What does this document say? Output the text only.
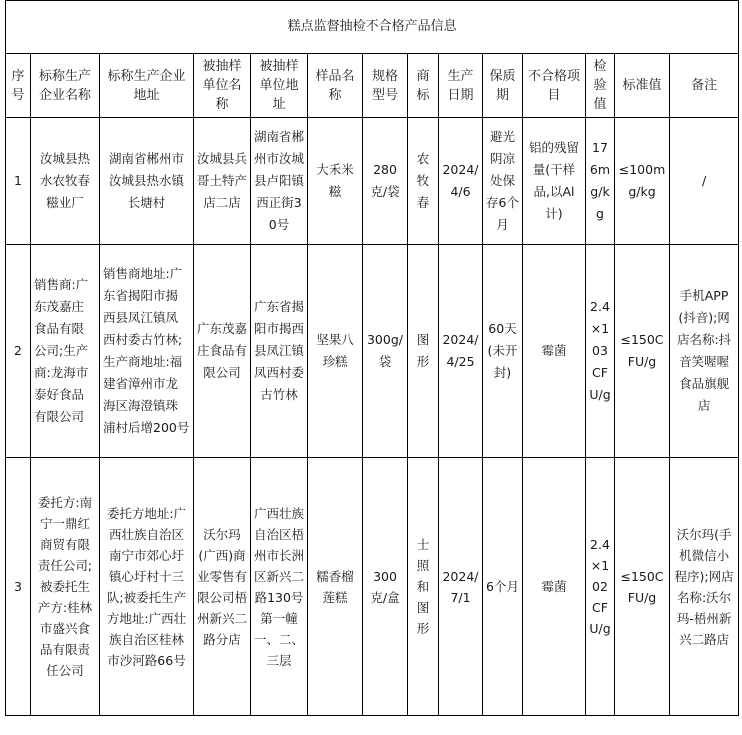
糕点监督抽检不合格产品信息													
序号	标称生产企业名称	标称生产企业地址	被抽样单位名称	被抽样单位地址	样品名称	规格型号	商标	生产日期	保质期	不合格项目	检验值	标准值	备注
1	汝城县热水农牧春糍业厂	湖南省郴州市汝城县热水镇长塘村	汝城县兵哥土特产店二店	湖南省郴州市汝城县卢阳镇西正街30号	大禾米糍	280克/袋	农牧春	2024/4/6	避光阴凉处保存6个月	铝的残留量(干样品,以Al计)	176mg/kg	≤100mg/kg	/
2	销售商:广东茂嘉庄食品有限公司;生产商:龙海市泰好食品有限公司	销售商地址:广东省揭阳市揭西县凤江镇凤西村委古竹林;生产商地址:福建省漳州市龙海区海澄镇珠浦村后增200号	广东茂嘉庄食品有限公司	广东省揭阳市揭西县凤江镇凤西村委古竹林	坚果八珍糕	300g/袋	图形	2024/4/25	60天(未开封)	霉菌	2.4×103CFU/g	≤150CFU/g	手机APP(抖音);网店名称:抖音笑喔喔食品旗舰店
3	委托方:南宁一鼎红商贸有限责任公司;被委托生产方:桂林市盛兴食品有限责任公司	委托方地址:广西壮族自治区南宁市郊心圩镇心圩村十三队;被委托生产方地址:广西壮族自治区桂林市沙河路66号	沃尔玛(广西)商业零售有限公司梧州新兴二路分店	广西壮族自治区梧州市长洲区新兴二路130号第一幢一、二、三层	糯香榴莲糕	300克/盒	士照和图形	2024/7/1	6个月	霉菌	2.4×102CFU/g	≤150CFU/g	沃尔玛(手机微信小程序);网店名称:沃尔玛-梧州新兴二路店
